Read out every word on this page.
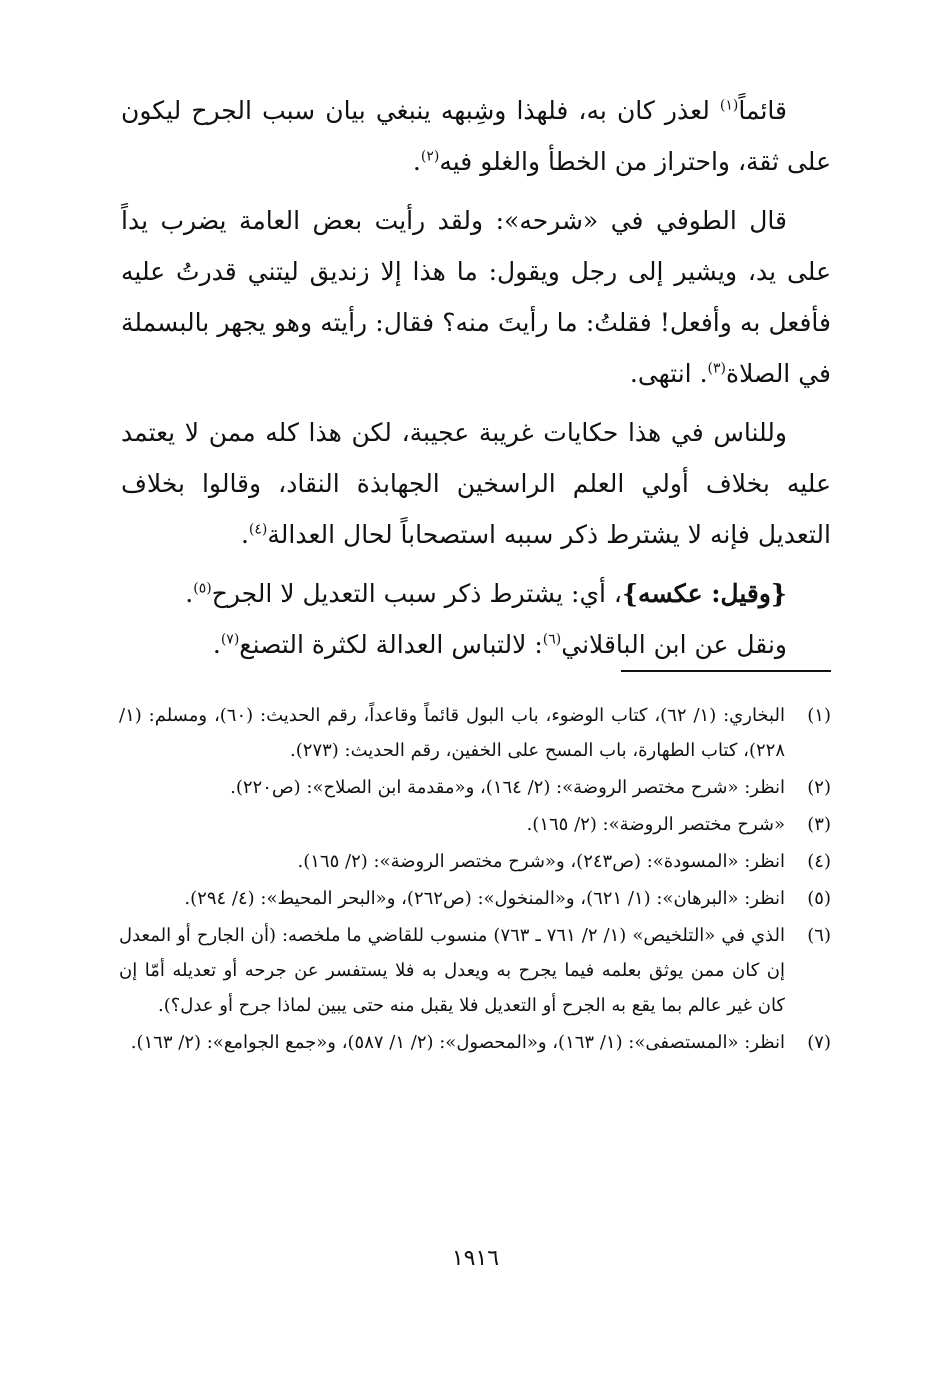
قائماً$^{(١)}$ لعذر كان به، فلهذا وشِبهه ينبغي بيان سبب الجرح ليكون على ثقة، واحتراز من الخطأ والغلو فيه$^{(٢)}$.

قال الطوفي في «شرحه»: ولقد رأيت بعض العامة يضرب يداً على يد، ويشير إلى رجل ويقول: ما هذا إلا زنديق ليتني قدرتُ عليه فأفعل به وأفعل! فقلتُ: ما رأيتَ منه؟ فقال: رأيته وهو يجهر بالبسملة في الصلاة$^{(٣)}$. انتهى.

وللناس في هذا حكايات غريبة عجيبة، لكن هذا كله ممن لا يعتمد عليه بخلاف أولي العلم الراسخين الجهابذة النقاد، وقالوا بخلاف التعديل فإنه لا يشترط ذكر سببه استصحاباً لحال العدالة$^{(٤)}$.

{وقيل: عكسه}، أي: يشترط ذكر سبب التعديل لا الجرح$^{(٥)}$.

ونقل عن ابن الباقلاني$^{(٦)}$: لالتباس العدالة لكثرة التصنع$^{(٧)}$.

(١)
البخاري: (١/ ٦٢)، كتاب الوضوء، باب البول قائماً وقاعداً، رقم الحديث: (٦٠)، ومسلم: (١/ ٢٢٨)، كتاب الطهارة، باب المسح على الخفين، رقم الحديث: (٢٧٣).
(٢)
انظر: «شرح مختصر الروضة»: (٢/ ١٦٤)، و«مقدمة ابن الصلاح»: (ص٢٢٠).
(٣)
«شرح مختصر الروضة»: (٢/ ١٦٥).
(٤)
انظر: «المسودة»: (ص٢٤٣)، و«شرح مختصر الروضة»: (٢/ ١٦٥).
(٥)
انظر: «البرهان»: (١/ ٦٢١)، و«المنخول»: (ص٢٦٢)، و«البحر المحيط»: (٤/ ٢٩٤).
(٦)
الذي في «التلخيص» (١/ ٢/ ٧٦١ ـ ٧٦٣) منسوب للقاضي ما ملخصه: (أن الجارح أو المعدل إن كان ممن يوثق بعلمه فيما يجرح به ويعدل به فلا يستفسر عن جرحه أو تعديله أمّا إن كان غير عالم بما يقع به الجرح أو التعديل فلا يقبل منه حتى يبين لماذا جرح أو عدل؟).
(٧)
انظر: «المستصفى»: (١/ ١٦٣)، و«المحصول»: (٢/ ١/ ٥٨٧)، و«جمع الجوامع»: (٢/ ١٦٣).
١٩١٦
